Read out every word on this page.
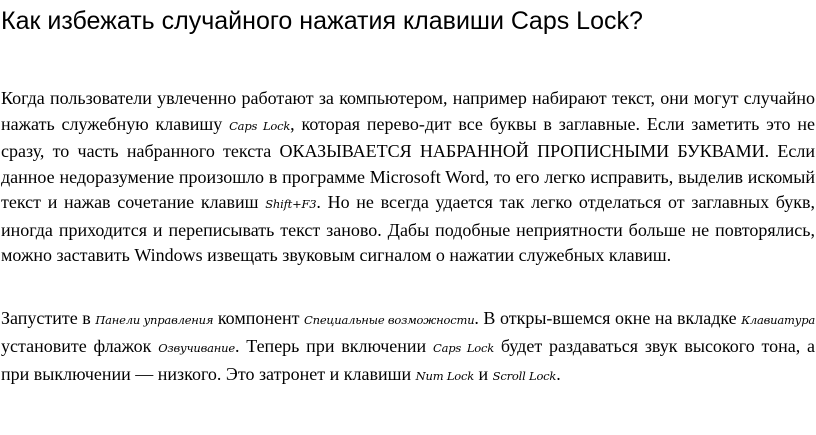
Как избежать случайного нажатия клавиши Caps Lock?

Когда пользователи увлеченно работают за компьютером, например набирают текст, они могут случайно нажать служебную клавишу Caps Lock, которая перево-дит все буквы в заглавные. Если заметить это не сразу, то часть набранного текста ОКАЗЫВАЕТСЯ НАБРАННОЙ ПРОПИСНЫМИ БУКВАМИ. Если данное недоразумение произошло в программе Microsoft Word, то его легко исправить, выделив искомый текст и нажав сочетание клавиш Shift+F3. Но не всегда удается так легко отделаться от заглавных букв, иногда приходится и переписывать текст заново. Дабы подобные неприятности больше не повторялись, можно заставить Windows извещать звуковым сигналом о нажатии служебных клавиш.

Запустите в Панели управления компонент Специальные возможности. В откры-вшемся окне на вкладке Клавиатура установите флажок Озвучивание. Теперь при включении Caps Lock будет раздаваться звук высокого тона, а при выключении — низкого. Это затронет и клавиши Num Lock и Scroll Lock.
